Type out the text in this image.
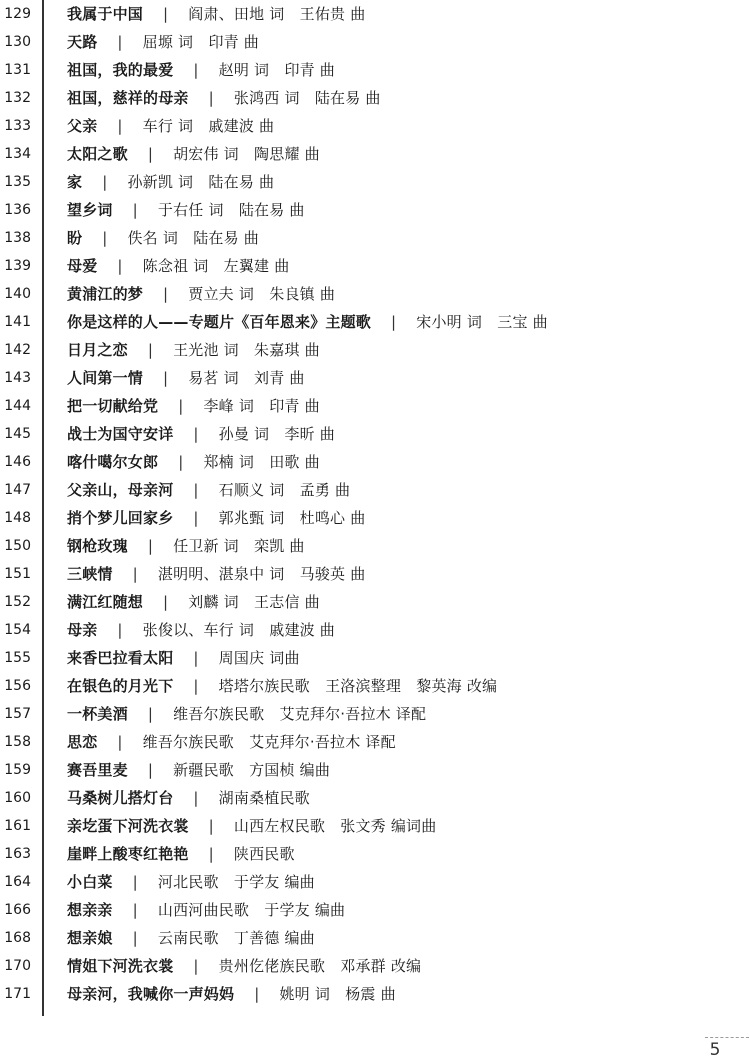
129 我属于中国 | 阎肃、田地 词　王佑贵 曲
130 天路 | 屈塬 词　印青 曲
131 祖国，我的最爱 | 赵明 词　印青 曲
132 祖国，慈祥的母亲 | 张鸿西 词　陆在易 曲
133 父亲 | 车行 词　戚建波 曲
134 太阳之歌 | 胡宏伟 词　陶思耀 曲
135 家 | 孙新凯 词　陆在易 曲
136 望乡词 | 于右任 词　陆在易 曲
138 盼 | 佚名 词　陆在易 曲
139 母爱 | 陈念祖 词　左翼建 曲
140 黄浦江的梦 | 贾立夫 词　朱良镇 曲
141 你是这样的人——专题片《百年恩来》主题歌 | 宋小明 词　三宝 曲
142 日月之恋 | 王光池 词　朱嘉琪 曲
143 人间第一情 | 易茗 词　刘青 曲
144 把一切献给党 | 李峰 词　印青 曲
145 战士为国守安详 | 孙曼 词　李昕 曲
146 喀什噶尔女郎 | 郑楠 词　田歌 曲
147 父亲山，母亲河 | 石顺义 词　孟勇 曲
148 捎个梦儿回家乡 | 郭兆甄 词　杜鸣心 曲
150 钢枪玫瑰 | 任卫新 词　栾凯 曲
151 三峡情 | 湛明明、湛泉中 词　马骏英 曲
152 满江红随想 | 刘麟 词　王志信 曲
154 母亲 | 张俊以、车行 词　戚建波 曲
155 来香巴拉看太阳 | 周国庆 词曲
156 在银色的月光下 | 塔塔尔族民歌　王洛滨整理　黎英海 改编
157 一杯美酒 | 维吾尔族民歌　艾克拜尔·吾拉木 译配
158 思恋 | 维吾尔族民歌　艾克拜尔·吾拉木 译配
159 赛吾里麦 | 新疆民歌　方国桢 编曲
160 马桑树儿搭灯台 | 湖南桑植民歌
161 亲圪蛋下河洗衣裳 | 山西左权民歌　张文秀 编词曲
163 崖畔上酸枣红艳艳 | 陕西民歌
164 小白菜 | 河北民歌　于学友 编曲
166 想亲亲 | 山西河曲民歌　于学友 编曲
168 想亲娘 | 云南民歌　丁善德 编曲
170 情姐下河洗衣裳 | 贵州仡佬族民歌　邓承群 改编
171 母亲河，我喊你一声妈妈 | 姚明 词　杨震 曲
5
